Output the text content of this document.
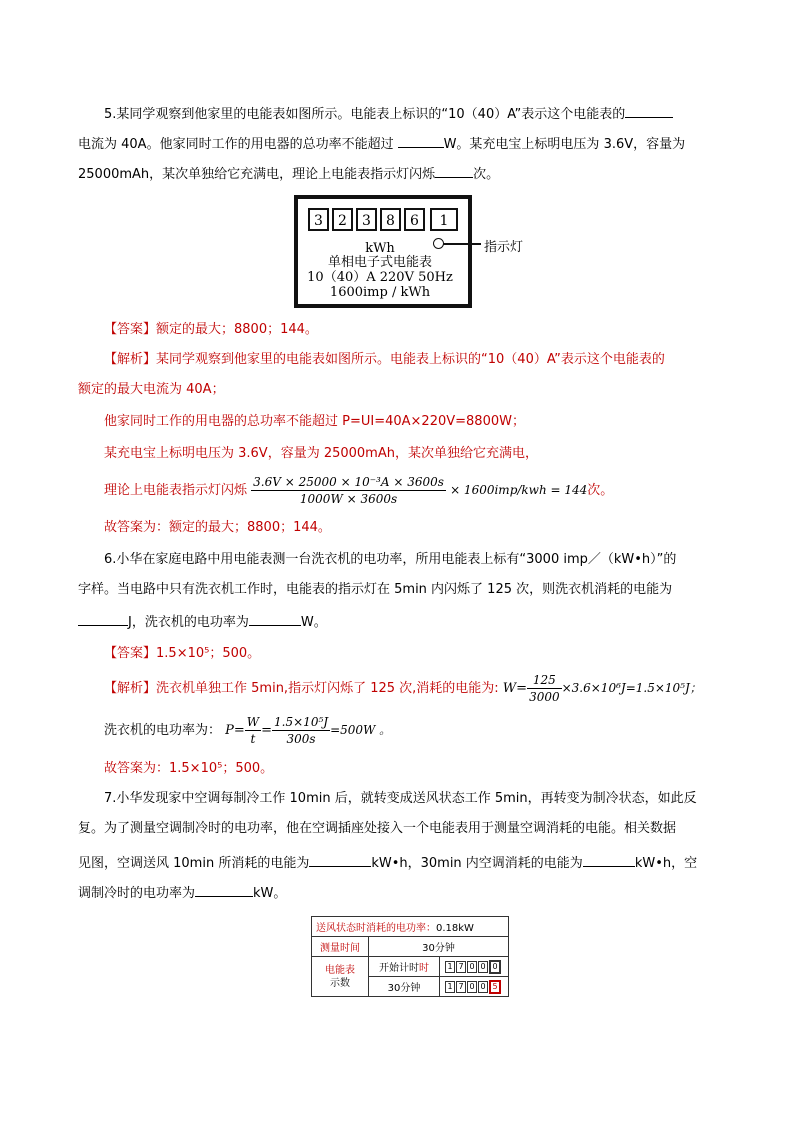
5.某同学观察到他家里的电能表如图所示。电能表上标识的“10（40）A”表示这个电能表的
电流为 40A。他家同时工作的用电器的总功率不能超过	W。某充电宝上标明电压为 3.6V，容量为
25000mAh，某次单独给它充满电，理论上电能表指示灯闪烁	次。
3	2	3	8	6	1
kWh
单相电子式电能表
10（40）A 220V 50Hz
1600imp / kWh
指示灯
【答案】额定的最大；8800；144。
【解析】某同学观察到他家里的电能表如图所示。电能表上标识的“10（40）A”表示这个电能表的
额定的最大电流为 40A；
他家同时工作的用电器的总功率不能超过 P=UI=40A×220V=8800W；
某充电宝上标明电压为 3.6V，容量为 25000mAh，某次单独给它充满电，
理论上电能表指示灯闪烁 $\frac{\text{3.6V × 25000 × 10⁻³A × 3600s}}{1000W \times 3600s} \times 1600imp/kwh = 144$次。
故答案为：额定的最大；8800；144。
6.小华在家庭电路中用电能表测一台洗衣机的电功率，所用电能表上标有“3000 imp／（kW•h）”的
字样。当电路中只有洗衣机工作时，电能表的指示灯在 5min 内闪烁了 125 次，则洗衣机消耗的电能为
J，洗衣机的电功率为	W。
【答案】1.5×10⁵；500。
【解析】洗衣机单独工作 5min,指示灯闪烁了 125 次,消耗的电能为: $W= \frac{125}{3000} \times 3.6\times 10^6J=1.5\times 10^5J$；
洗衣机的电功率为： $P= \frac{W}{t} = \frac{\text{1.5×10⁵J}}{300s} =500W$ 。
故答案为：1.5×10⁵；500。
7.小华发现家中空调每制冷工作 10min 后，就转变成送风状态工作 5min，再转变为制冷状态，如此反
复。为了测量空调制冷时的电功率，他在空调插座处接入一个电能表用于测量空调消耗的电能。相关数据
见图，空调送风 10min 所消耗的电能为	kW•h，30min 内空调消耗的电能为	kW•h，空
调制冷时的电功率为	kW。
送风状态时消耗的电功率：0.18kW		
测量时间	30分钟	

电能表
示数	开始计时时	1 7 0 0 0
	30分钟	1 7 0 0 5
